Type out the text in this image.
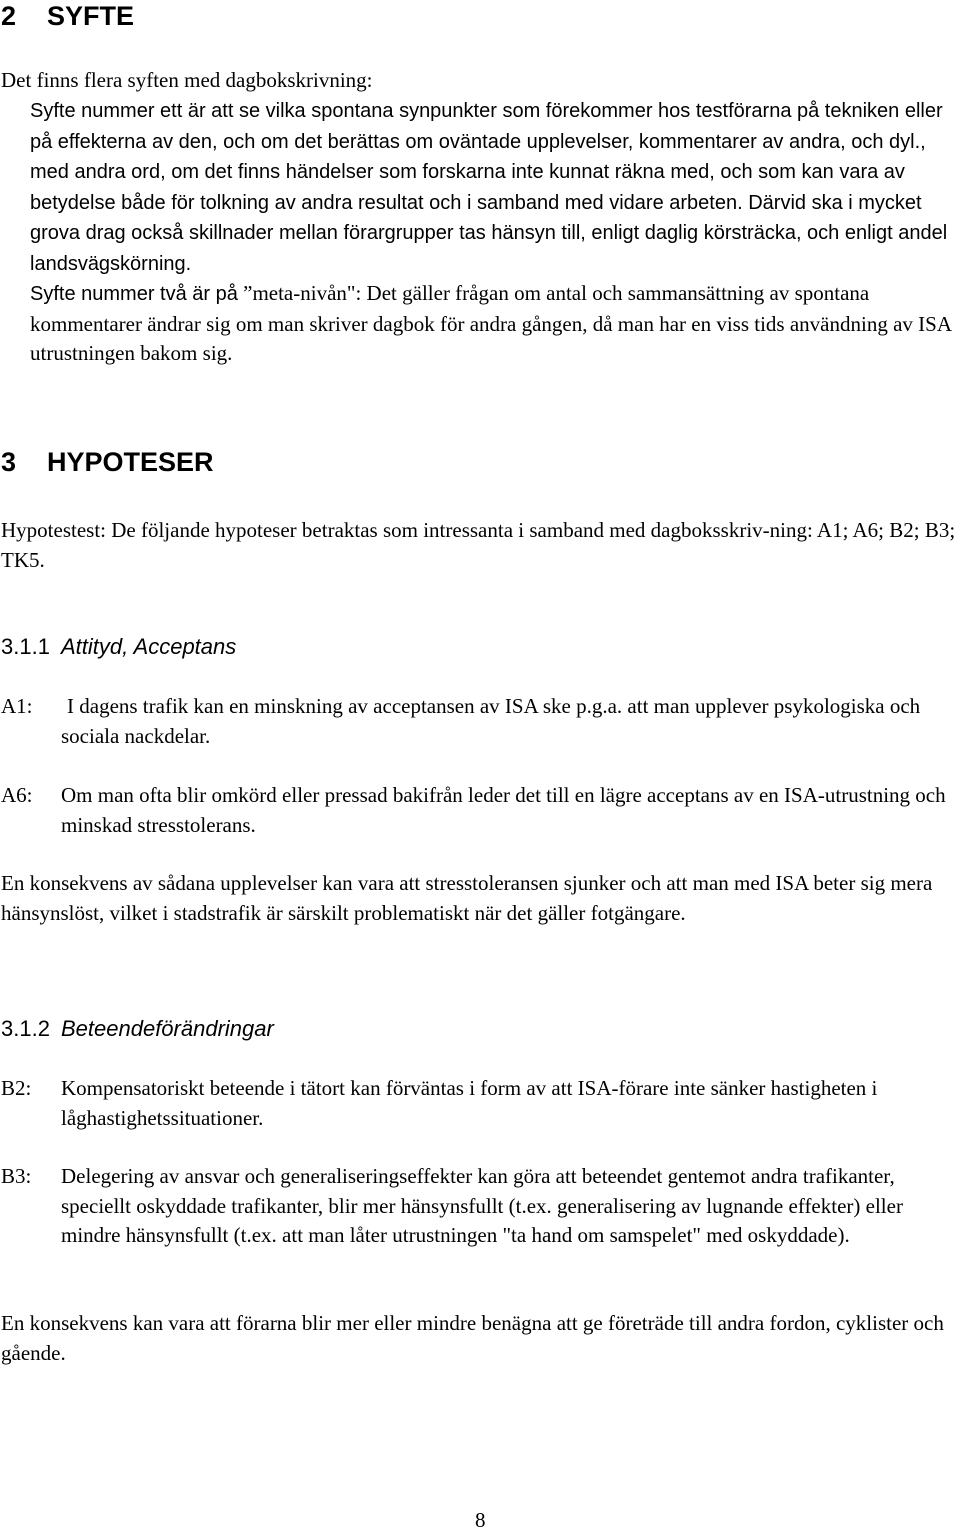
2 SYFTE
Det finns flera syften med dagbokskrivning:
Syfte nummer ett är att se vilka spontana synpunkter som förekommer hos testförarna på tekniken eller på effekterna av den, och om det berättas om oväntade upplevelser, kommentarer av andra, och dyl., med andra ord, om det finns händelser som forskarna inte kunnat räkna med, och som kan vara av betydelse både för tolkning av andra resultat och i samband med vidare arbeten. Därvid ska i mycket grova drag också skillnader mellan förargrupper tas hänsyn till, enligt daglig körsträcka, och enligt andel landsvägskörning.
Syfte nummer två är på ”meta-nivån": Det gäller frågan om antal och sammansättning av spontana kommentarer ändrar sig om man skriver dagbok för andra gången, då man har en viss tids användning av ISA utrustningen bakom sig.
3 HYPOTESER
Hypotestest: De följande hypoteser betraktas som intressanta i samband med dagboksskriv-ning: A1; A6; B2; B3; TK5.
3.1.1 Attityd, Acceptans
A1: I dagens trafik kan en minskning av acceptansen av ISA ske p.g.a. att man upplever psykologiska och sociala nackdelar.
A6: Om man ofta blir omkörd eller pressad bakifrån leder det till en lägre acceptans av en ISA-utrustning och minskad stresstolerans.
En konsekvens av sådana upplevelser kan vara att stresstoleransen sjunker och att man med ISA beter sig mera hänsynslöst, vilket i stadstrafik är särskilt problematiskt när det gäller fotgängare.
3.1.2 Beteendeförändringar
B2: Kompensatoriskt beteende i tätort kan förväntas i form av att ISA-förare inte sänker hastigheten i låghastighetssituationer.
B3: Delegering av ansvar och generaliseringseffekter kan göra att beteendet gentemot andra trafikanter, speciellt oskyddade trafikanter, blir mer hänsynsfullt (t.ex. generalisering av lugnande effekter) eller mindre hänsynsfullt (t.ex. att man låter utrustningen "ta hand om samspelet" med oskyddade).
En konsekvens kan vara att förarna blir mer eller mindre benägna att ge företräde till andra fordon, cyklister och gående.
8
